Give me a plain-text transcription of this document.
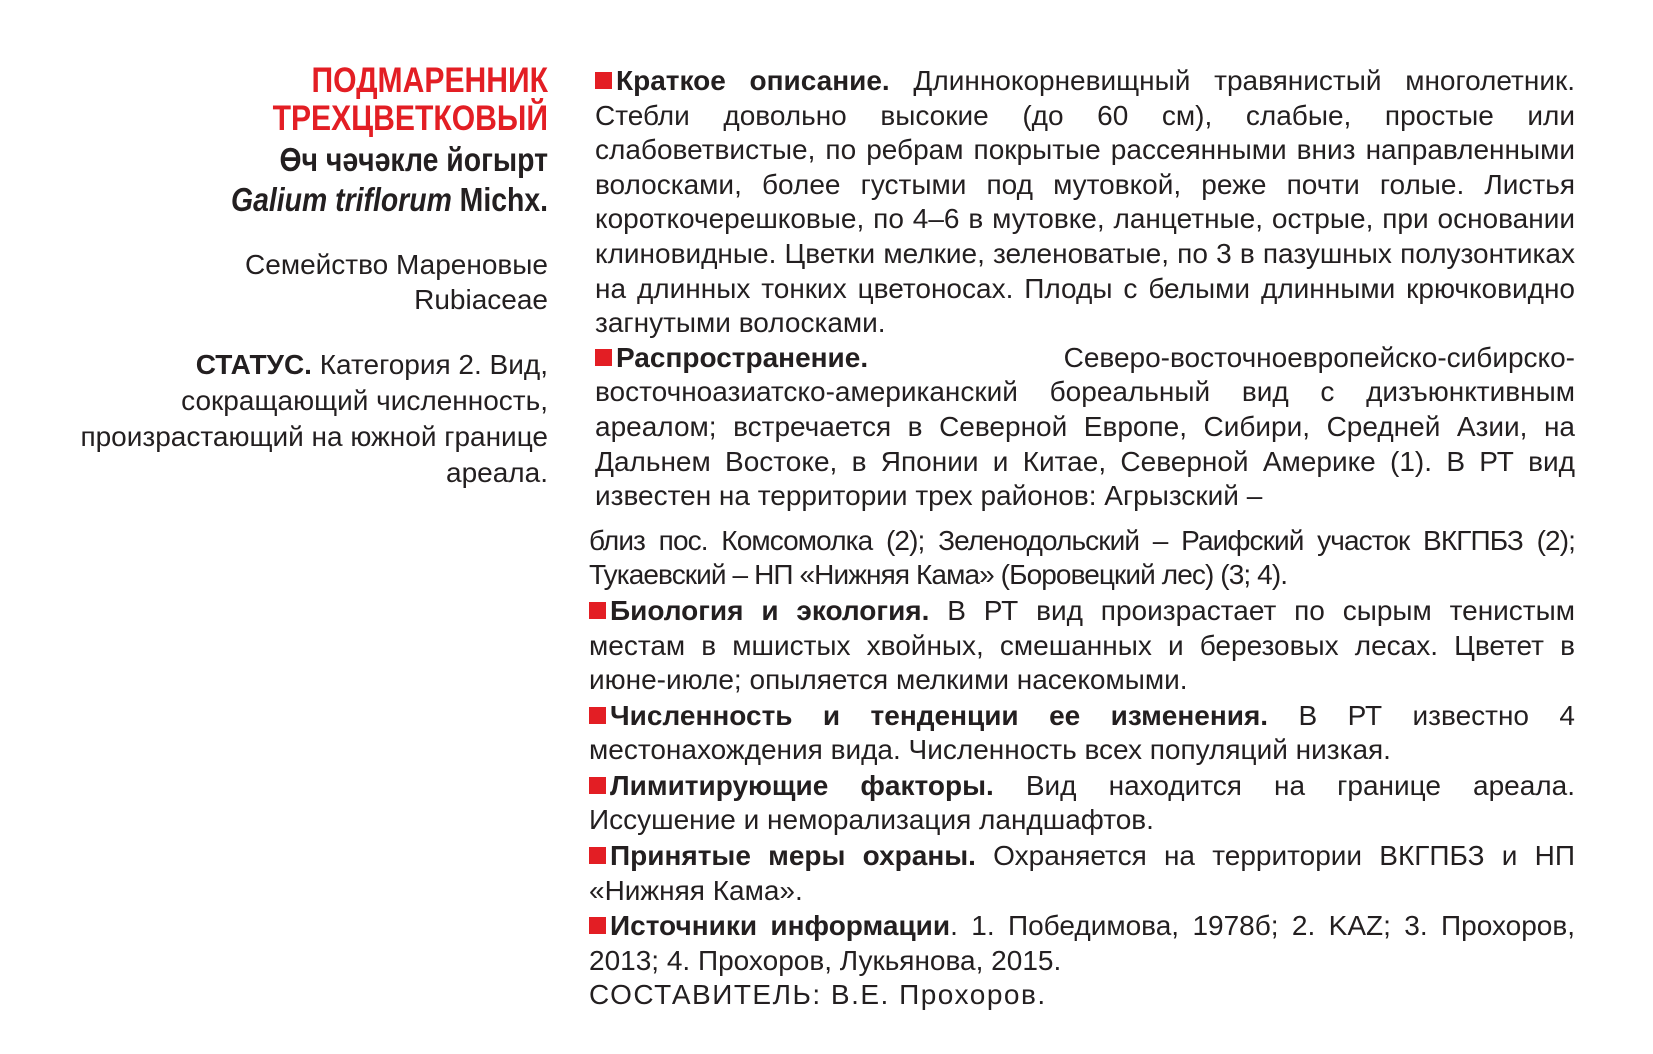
ПОДМАРЕННИК
ТРЕХЦВЕТКОВЫЙ
Өч чәчәкле йогырт
Galium triflorum Michx.
Семейство Мареновые
Rubiaceae
СТАТУС. Категория 2. Вид, сокращающий численность, произрастающий на южной границе ареала.

Краткое описание. Длиннокорневищный травянистый многолетник. Стебли довольно высокие (до 60 см), слабые, простые или слабоветвистые, по ребрам покрытые рассеянными вниз направленными волосками, более густыми под мутовкой, реже почти голые. Листья короткочерешковые, по 4–6 в мутовке, ланцетные, острые, при основании клиновидные. Цветки мелкие, зеленоватые, по 3 в пазушных полузонтиках на длинных тонких цветоносах. Плоды с белыми длинными крючковидно загнутыми волосками.

Распространение. Северо-восточноевропейско-сибирско-восточноазиатско-американский бореальный вид с дизъюнктивным ареалом; встречается в Северной Европе, Сибири, Средней Азии, на Дальнем Востоке, в Японии и Китае, Северной Америке (1). В РТ вид известен на территории трех районов: Агрызский –

близ пос. Комсомолка (2); Зеленодольский – Раифский участок ВКГПБЗ (2); Тукаевский – НП «Нижняя Кама» (Боровецкий лес) (3; 4).

Биология и экология. В РТ вид произрастает по сырым тенистым местам в мшистых хвойных, смешанных и березовых лесах. Цветет в июне-июле; опыляется мелкими насекомыми.

Численность и тенденции ее изменения. В РТ известно 4 местонахождения вида. Численность всех популяций низкая.

Лимитирующие факторы. Вид находится на границе ареала. Иссушение и неморализация ландшафтов.

Принятые меры охраны. Охраняется на территории ВКГПБЗ и НП «Нижняя Кама».

Источники информации. 1. Победимова, 1978б; 2. KAZ; 3. Прохоров, 2013; 4. Прохоров, Лукьянова, 2015.

СОСТАВИТЕЛЬ: В.Е. Прохоров.
